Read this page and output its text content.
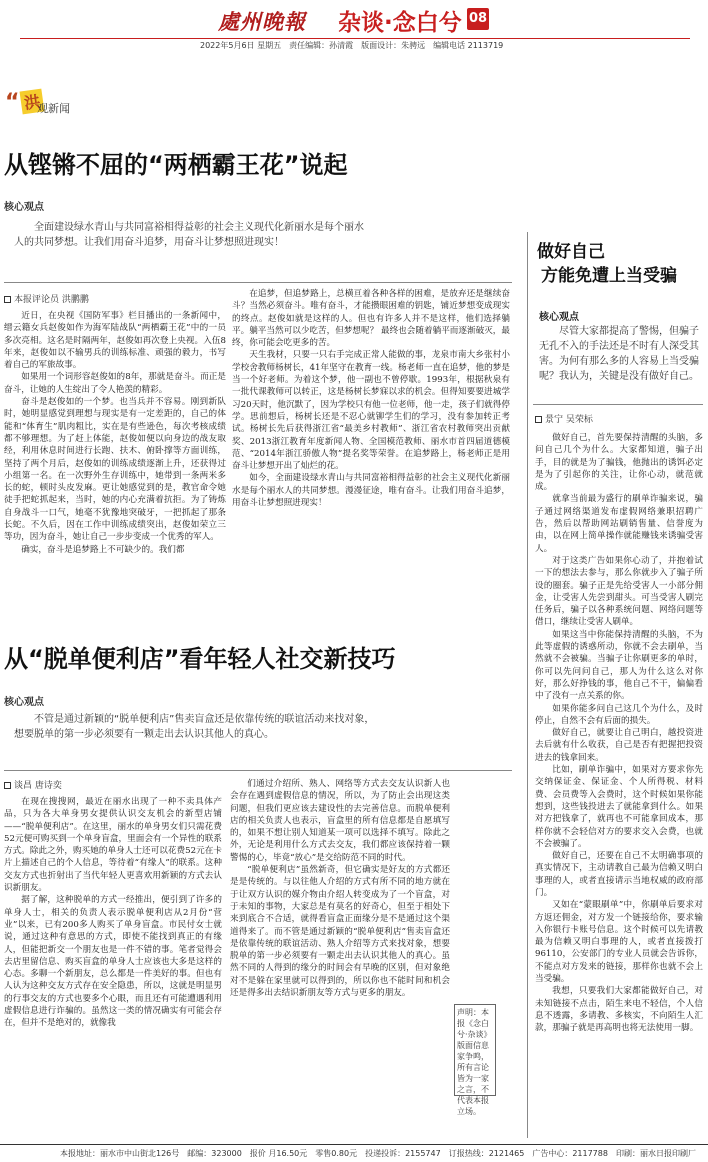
處州晚報 杂谈·念白兮 08
2022年5月6日 星期五　责任编辑：孙清霞　版面设计：朱骋远　编辑电话 2113719
“ 洪
观新闻
从铿锵不屈的“两栖霸王花”说起
核心观点
全面建设绿水青山与共同富裕相得益彰的社会主义现代化新丽水是每个丽水人的共同梦想。让我们用奋斗追梦，用奋斗让梦想照进现实！
本报评论员 洪鹏鹏

近日，在央视《国防军事》栏目播出的一条新闻中，缙云籍女兵赵俊如作为海军陆战队“两栖霸王花”中的一员多次亮相。这名是时隔两年，赵俊如再次登上央视。入伍8年来，赵俊如以不输男兵的训练标准、顽强的毅力，书写着自己的军旅故事。

如果用一个词形容赵俊如的8年，那就是奋斗。而正是奋斗，让她的人生绽出了令人艳羡的精彩。

奋斗是赵俊如的一个梦。也当兵并不容易。刚到新队时，她明显感觉到理想与现实是有一定差距的，自己的体能和“体育生”肌肉粗比，实在是有些逊色，每次考核成绩都不够理想。为了赶上体能，赵俊如便以向身边的战友取经，利用休息时间进行长跑、扶木、俯卧撑等方面训练，坚持了两个月后，赵俊如的训练成绩逐渐上升，还获得过小组第一名。在一次野外生存训练中，她带到一条两米多长的蛇，顿时头皮发麻。更让她感觉到的是，教官命令她徒手把蛇抓起来，当时，她的内心充满着抗拒。为了铸炼自身战斗一口气，她毫不犹豫地突破牙，一把抓起了那条长蛇。不久后，因在工作中训练成绩突出，赵俊如荣立三等功，因为奋斗，她让自己一步步变成一个优秀的军人。

确实，奋斗是追梦路上不可缺少的。我们都

在追梦，但追梦路上，总横亘着各种各样的困难，是放弃还是继续奋斗？当然必须奋斗。唯有奋斗，才能攒眼困难的钥匙，铺近梦想变成现实的终点。赵俊如就是这样的人。但也有许多人并不是这样，他们选择躺平。躺平当然可以少吃苦，但梦想呢？ 最终也会随着躺平而逐渐破灭，最终，你可能会吃更多的苦。

天生我材，只要一只右手完成正常人能做的事，龙泉市南大乡张村小学校舍教师杨树长，41年坚守在教育一线。杨老师一直在追梦，他的梦是当一个好老师。为着这个梦，他一副也不曾停歇。1993年，根据秋泉有一批代课教师可以转正，这是杨树长梦寐以求的机会。但得知要要进城学习20天时，他沉默了，因为学校只有他一位老师，他一走，孩子们就得停学。思前想后，杨树长还是不忍心就铆学生们的学习，没有参加转正考试。杨树长先后获得浙江省“最美乡村教师”、浙江省农村教师突出贡献奖、2013浙江教育年度新闻人物、全国模范教师、丽水市首四届道德模范、“2014年浙江骄傲人物”提名奖等荣誉。在追梦路上，杨老师正是用奋斗让梦想开出了灿烂的花。

如今，全面建设绿水青山与共同富裕相得益彰的社会主义现代化新丽水是每个丽水人的共同梦想。漫漫征途，唯有奋斗。让我们用奋斗追梦，用奋斗让梦想照进现实！

从“脱单便利店”看年轻人社交新技巧
核心观点
不管是通过新颖的“脱单便利店”售卖盲盒还是依靠传统的联谊活动来找对象，想要脱单的第一步必须要有一颗走出去认识其他人的真心。
谈昌 唐诗奕

在现在搜搜网，最近在丽水出现了一种不卖具体产品，只为各大单身男女提供认识交友机会的新型店铺——“脱单便利店”。在这里，丽水的单身男女们只需花费52元便可购买到一个单身盲盒，里面会有一个异性的联系方式。除此之外，购买她的单身人士还可以花费52元在卡片上描述自己的个人信息，等待着“有缘人”的联系。这种交友方式也折射出了当代年轻人更喜欢用新颖的方式去认识新朋友。

据了解，这种脱单的方式一经推出，便引到了许多的单身人士，相关的负责人表示脱单便利店从2月份“营业”以来，已有200多人购买了单身盲盒。市民付女士就说，通过这种有意思的方式，即使不能找到真正的有缘人，但能把新交一个朋友也是一件不错的事。笔者觉得会去店里留信息、购买盲盒的单身人士应该也大多是这样的心态。多聊一个新朋友，总么都是一件美好的事。但也有人认为这种交友方式存在安全隐患，所以，这就是明显男的行事交友的方式也要多个心眼，而且还有可能遭遇利用虚假信息进行诈骗的。虽然这一类的情况确实有可能会存在，但并不是绝对的，就像我

们通过介绍所、熟人、网络等方式去交友认识新人也会存在遇到虚假信息的情况，所以，为了防止会出现这类问题，但我们更应该去建设性的去完善信息。而脱单便利店的相关负责人也表示，盲盒里的所有信息都是自愿填写的，如果不想让别人知道某一项可以选择不填写。除此之外，无论是利用什么方式去交友，我们都应该保持着一颗警惕的心，毕竟“放心”是交给防范不同的时代。

“脱单便利店”虽然新奇，但它确实是好友的方式都还是是传统的。与以往他人介绍的方式有所不同的地方就在于让双方认识的媒介物由介绍人转变成为了一个盲盒，对于未知的事物，大家总是有莫名的好奇心，但至于相处下来到底合不合适，就得看盲盒正面缘分是不是通过这个渠道得来了。而不管是通过新颖的“脱单便利店”售卖盲盒还是依靠传统的联谊活动、熟人介绍等方式来找对象，想要脱单的第一步必须要有一颗走出去认识其他人的真心。虽然不同的人得到的缘分的时间会有早晚的区别，但对象绝对不是躲在家里就可以得到的，所以你也不能时间和机会还是得多出去结识新朋友等方式与更多的朋友。

声明：本报《念白兮·杂谈》版面信息家争鸣，所有言论皆为一家之言，不代表本报立场。
做好自己
方能免遭上当受骗
核心观点
尽管大家都提高了警惕，但骗子无孔不入的手法还是不时有人深受其害。为何有那么多的人容易上当受骗呢？我认为，关键是没有做好自己。
景宁 吴荣标

做好自己，首先要保持清醒的头脑，多问自己几个为什么。大家都知道，骗子出手，目的就是为了骗钱，他抛出的诱饵必定是为了引起你的关注，让你心动，就范就成。

就拿当前最为盛行的刷单诈骗来说，骗子通过网络渠道发布虚假网络兼职招聘广告，然后以帮助网站刷销售量、信誉度为由，以在网上简单操作就能赚钱来诱骗受害人。

对于这类广告如果你心动了，并抱着试一下的想法去参与，那么你就步入了骗子所设的圈套。骗子正是先给受害人一小部分佣金，让受害人先尝到甜头。可当受害人刷完任务后，骗子以各种系统问题、网络问题等借口，继续让受害人刷单。

如果这当中你能保持清醒的头脑，不为此等虚假的诱惑所动，你就不会去刷单，当然就不会被骗。当骗子让你刷更多的单时，你可以先问问自己，那人为什么这么对你好，那么好挣钱的事，他自己不干，偏偏看中了没有一点关系的你。

如果你能多问自己这几个为什么，及时停止，自然不会有后面的损失。

做好自己，就要让自己明白，越投资进去后就有什么收获，自己是否有把握把投资进去的钱拿回来。

比如，刷单诈骗中，如果对方要求你先交纳保证金、保证金、个人所得税、材料费、会员费等入会费时，这个时候如果你能想到，这些钱投进去了就能拿到什么。如果对方把钱拿了，就再也不可能拿回成本，那样你就不会轻信对方的要求交入会费，也就不会被骗了。

做好自己，还要在自己不太明确事项的真实情况下，主动请教自己最为信赖又明白事理的人，或者直接请示当地权威的政府部门。

又如在“蒙眼刷单”中，你刷单后要求对方返还佣金，对方发一个链接给你，要求输入你银行卡账号信息。这个时候可以先请教最为信赖又明白事理的人，或者直接拨打96110，公安部门的专业人员就会告诉你，不能点对方发来的链接，那样你也就不会上当受骗。

我想，只要我们大家都能做好自己，对未知链接不点击，陌生来电不轻信，个人信息不透露，多请教、多核实，不向陌生人汇款，那骗子就是再高明也将无法使用一脚。

本报地址：丽水市中山街北126号　邮编：323000　报价 月16.50元　零售0.80元　投递投诉：2155747　订报热线：2121465　广告中心：2117788　印刷：丽水日报印刷厂
